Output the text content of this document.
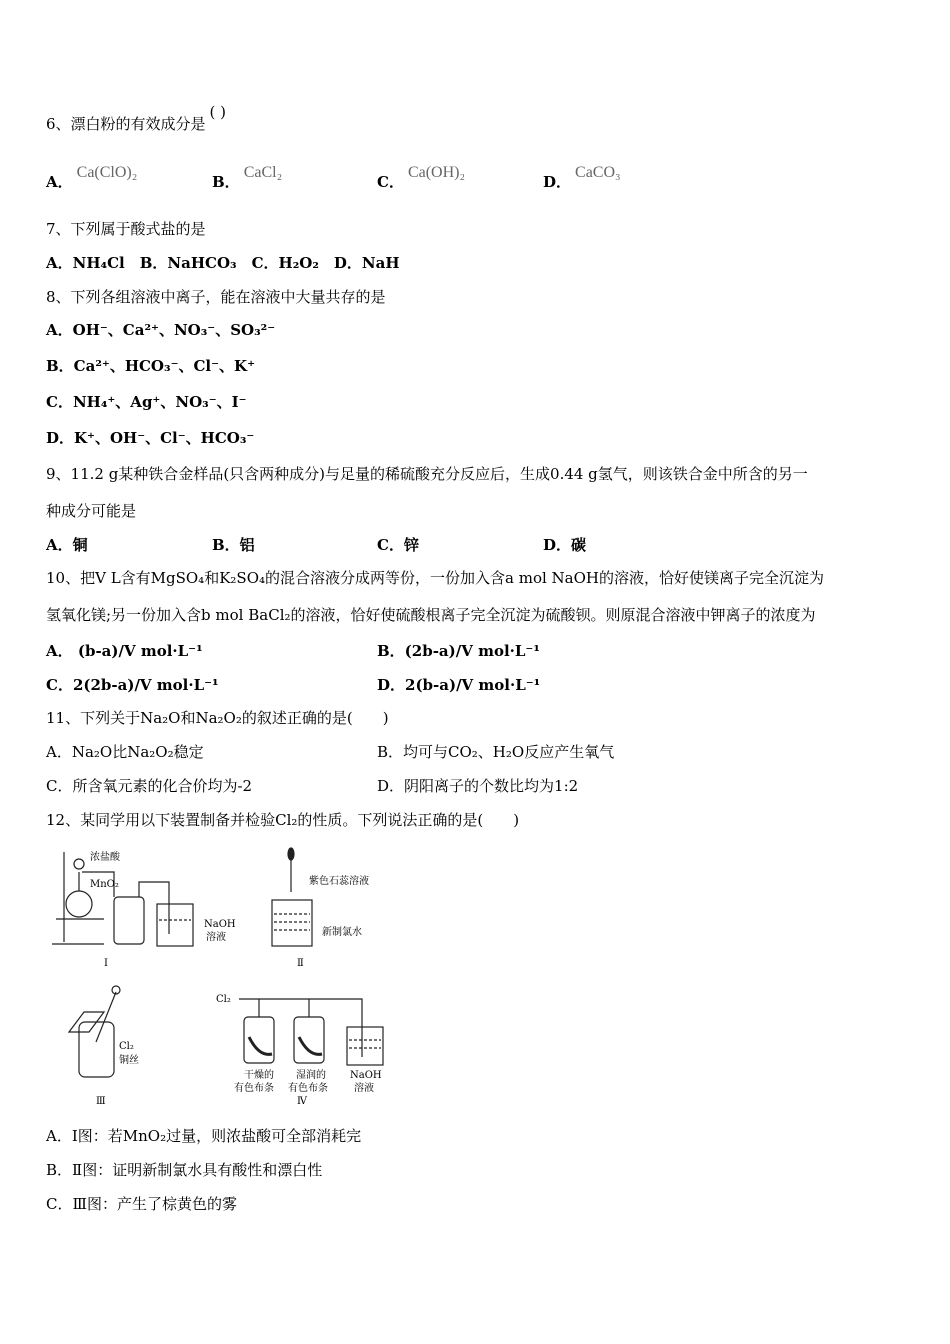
6、漂白粉的有效成分是( )
A．Ca(ClO)₂
B．CaCl₂
C．Ca(OH)₂
D．CaCO₃
7、下列属于酸式盐的是
A．NH₄Cl　B．NaHCO₃　C．H₂O₂　D．NaH
8、下列各组溶液中离子，能在溶液中大量共存的是
A．OH⁻、Ca²⁺、NO₃⁻、SO₃²⁻
B．Ca²⁺、HCO₃⁻、Cl⁻、K⁺
C．NH₄⁺、Ag⁺、NO₃⁻、I⁻
D．K⁺、OH⁻、Cl⁻、HCO₃⁻
9、11.2 g某种铁合金样品(只含两种成分)与足量的稀硫酸充分反应后，生成0.44 g氢气，则该铁合金中所含的另一
种成分可能是
A．铜	B．铝	C．锌	D．碳
10、把V L含有MgSO₄和K₂SO₄的混合溶液分成两等份，一份加入含a mol NaOH的溶液，恰好使镁离子完全沉淀为
氢氧化镁;另一份加入含b mol BaCl₂的溶液，恰好使硫酸根离子完全沉淀为硫酸钡。则原混合溶液中钾离子的浓度为
A． (b-a)/V mol·L⁻¹	B．(2b-a)/V mol·L⁻¹
C．2(2b-a)/V mol·L⁻¹	D．2(b-a)/V mol·L⁻¹
11、下列关于Na₂O和Na₂O₂的叙述正确的是(　　)
A．Na₂O比Na₂O₂稳定	B．均可与CO₂、H₂O反应产生氧气
C．所含氧元素的化合价均为-2	D．阴阳离子的个数比均为1:2
12、某同学用以下装置制备并检验Cl₂的性质。下列说法正确的是(　　)
浓盐酸
MnO₂
NaOH
溶液
紫色石蕊溶液
新制氯水
Cl₂
铜丝
Cl₂
干燥的
有色布条
湿润的
有色布条
NaOH
溶液
Ⅰ	Ⅱ
Ⅲ	Ⅳ
A．Ⅰ图：若MnO₂过量，则浓盐酸可全部消耗完
B．Ⅱ图：证明新制氯水具有酸性和漂白性
C．Ⅲ图：产生了棕黄色的雾
